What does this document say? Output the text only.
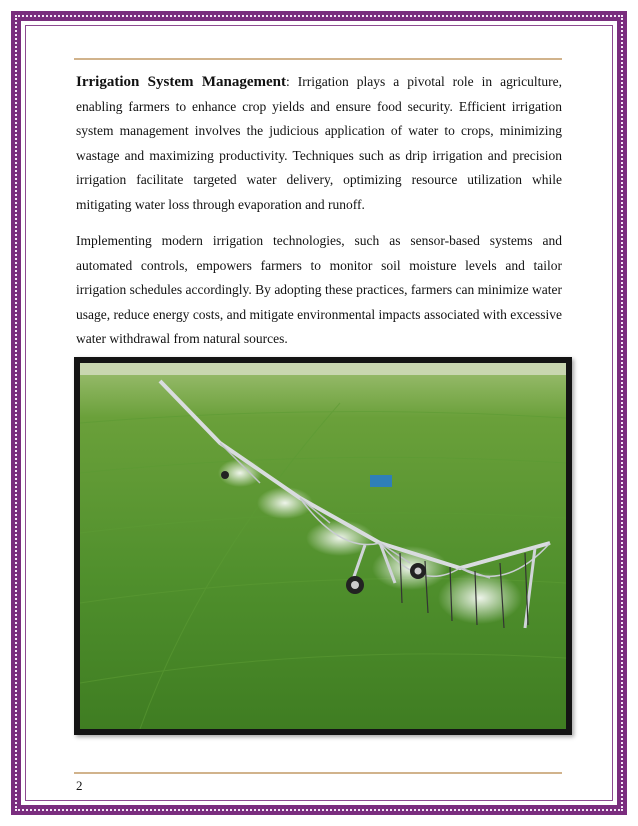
Irrigation System Management: Irrigation plays a pivotal role in agriculture, enabling farmers to enhance crop yields and ensure food security. Efficient irrigation system management involves the judicious application of water to crops, minimizing wastage and maximizing productivity. Techniques such as drip irrigation and precision irrigation facilitate targeted water delivery, optimizing resource utilization while mitigating water loss through evaporation and runoff.

Implementing modern irrigation technologies, such as sensor-based systems and automated controls, empowers farmers to monitor soil moisture levels and tailor irrigation schedules accordingly. By adopting these practices, farmers can minimize water usage, reduce energy costs, and mitigate environmental impacts associated with excessive water withdrawal from natural sources.

2
